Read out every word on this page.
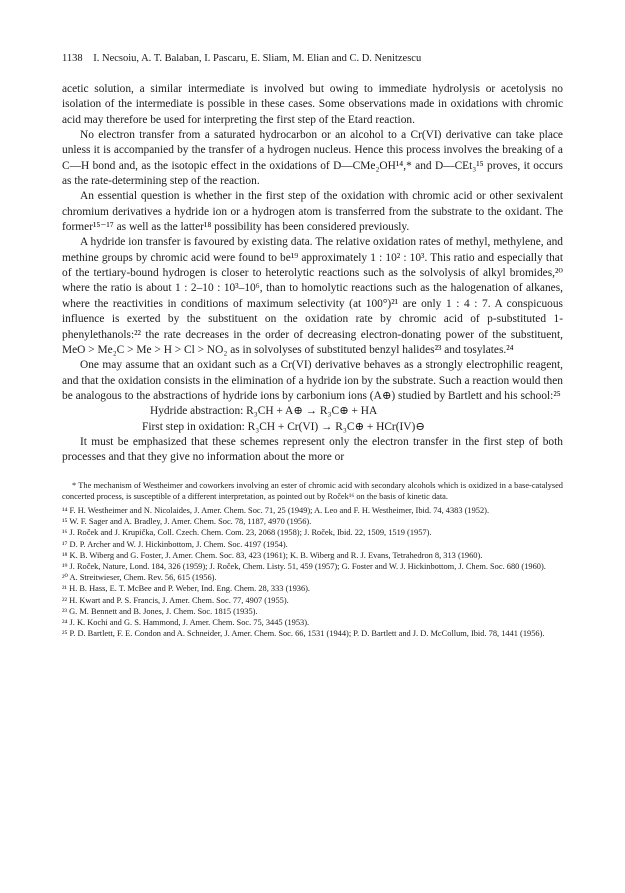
1138 I. Necsoiu, A. T. Balaban, I. Pascaru, E. Sliam, M. Elian and C. D. Nenitzescu

acetic solution, a similar intermediate is involved but owing to immediate hydrolysis or acetolysis no isolation of the intermediate is possible in these cases. Some observations made in oxidations with chromic acid may therefore be used for interpreting the first step of the Etard reaction.

No electron transfer from a saturated hydrocarbon or an alcohol to a Cr(VI) derivative can take place unless it is accompanied by the transfer of a hydrogen nucleus. Hence this process involves the breaking of a C—H bond and, as the isotopic effect in the oxidations of D—CMe₂OH¹⁴,* and D—CEt₃¹⁵ proves, it occurs as the rate-determining step of the reaction.

An essential question is whether in the first step of the oxidation with chromic acid or other sexivalent chromium derivatives a hydride ion or a hydrogen atom is transferred from the substrate to the oxidant. The former¹⁵⁻¹⁷ as well as the latter¹⁸ possibility has been considered previously.

A hydride ion transfer is favoured by existing data. The relative oxidation rates of methyl, methylene, and methine groups by chromic acid were found to be¹⁹ approximately 1 : 10² : 10³. This ratio and especially that of the tertiary-bound hydrogen is closer to heterolytic reactions such as the solvolysis of alkyl bromides,²⁰ where the ratio is about 1 : 2–10 : 10³–10⁶, than to homolytic reactions such as the halogenation of alkanes, where the reactivities in conditions of maximum selectivity (at 100°)²¹ are only 1 : 4 : 7. A conspicuous influence is exerted by the substituent on the oxidation rate by chromic acid of p-substituted 1-phenylethanols:²² the rate decreases in the order of decreasing electron-donating power of the substituent, MeO > Me₂C > Me > H > Cl > NO₂ as in solvolyses of substituted benzyl halides²³ and tosylates.²⁴

One may assume that an oxidant such as a Cr(VI) derivative behaves as a strongly electrophilic reagent, and that the oxidation consists in the elimination of a hydride ion by the substrate. Such a reaction would then be analogous to the abstractions of hydride ions by carbonium ions (A⊕) studied by Bartlett and his school:²⁵

Hydride abstraction: R₃CH + A⊕ → R₃C⊕ + HA

First step in oxidation: R₃CH + Cr(VI) → R₃C⊕ + HCr(IV)⊖

It must be emphasized that these schemes represent only the electron transfer in the first step of both processes and that they give no information about the more or

* The mechanism of Westheimer and coworkers involving an ester of chromic acid with secondary alcohols which is oxidized in a base-catalysed concerted process, is susceptible of a different interpretation, as pointed out by Roček¹⁶ on the basis of kinetic data.

¹⁴ F. H. Westheimer and N. Nicolaides, J. Amer. Chem. Soc. 71, 25 (1949); A. Leo and F. H. Westheimer, Ibid. 74, 4383 (1952).

¹⁵ W. F. Sager and A. Bradley, J. Amer. Chem. Soc. 78, 1187, 4970 (1956).

¹⁶ J. Roček and J. Krupička, Coll. Czech. Chem. Com. 23, 2068 (1958); J. Roček, Ibid. 22, 1509, 1519 (1957).

¹⁷ D. P. Archer and W. J. Hickinbottom, J. Chem. Soc. 4197 (1954).

¹⁸ K. B. Wiberg and G. Foster, J. Amer. Chem. Soc. 83, 423 (1961); K. B. Wiberg and R. J. Evans, Tetrahedron 8, 313 (1960).

¹⁹ J. Roček, Nature, Lond. 184, 326 (1959); J. Roček, Chem. Listy. 51, 459 (1957); G. Foster and W. J. Hickinbottom, J. Chem. Soc. 680 (1960).

²⁰ A. Streitwieser, Chem. Rev. 56, 615 (1956).

²¹ H. B. Hass, E. T. McBee and P. Weber, Ind. Eng. Chem. 28, 333 (1936).

²² H. Kwart and P. S. Francis, J. Amer. Chem. Soc. 77, 4907 (1955).

²³ G. M. Bennett and B. Jones, J. Chem. Soc. 1815 (1935).

²⁴ J. K. Kochi and G. S. Hammond, J. Amer. Chem. Soc. 75, 3445 (1953).

²⁵ P. D. Bartlett, F. E. Condon and A. Schneider, J. Amer. Chem. Soc. 66, 1531 (1944); P. D. Bartlett and J. D. McCollum, Ibid. 78, 1441 (1956).
